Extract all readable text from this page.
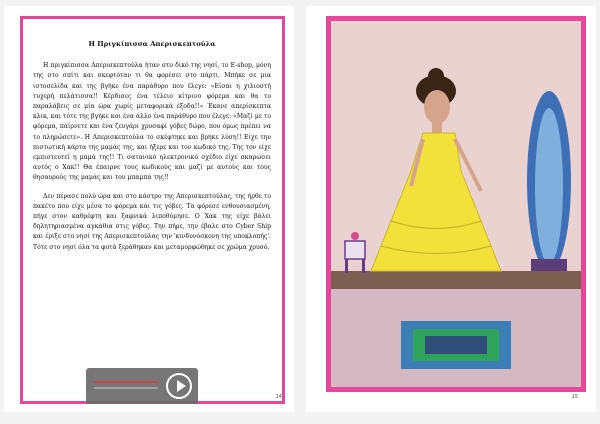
Η Πριγκίπισσα Απερισκεπτούλα

Η πριγκίπισσα Απερισκεπτούλα ήταν στο δικό της νησί, το E-shop, μόνη της στο σπίτι και σκεφτόταν τι θα φορέσει στο πάρτι. Μπήκε σε μια ιστοσελίδα και της βγήκε ένα παράθυρο που έλεγε: «Είσαι η χιλιοστή τυχερή πελάτισσα!! Κέρδισες ένα τέλειο κίτρινο φόρεμα και θα το παραλάβεις σε μία ώρα χωρίς μεταφορικά έξοδα!!» Έκανε απερίσκεπτα κλικ, και τότε της βγήκε και ένα άλλο ένα παράθυρο που έλεγε: «Μαζί με το φόρεμα, παίρνετε και ένα ζευγάρι χρυσαφί γόβες δώρο, που όμως πρέπει να το πληρώσετε». Η Απερισκεπτούλα το σκέφτηκε και βρήκε λύση!! Είχε την πιστωτική κάρτα της μαμάς της, και ήξερε και τον κωδικό της. Της τον είχε εμπιστευτεί η μαμά της!! Τι σατανικό ηλεκτρονικό σχέδιο είχε σκαρώσει αυτός ο Χακ!! Θα έπαιρνε τους κωδικούς και μαζί με αυτούς και τους θησαυρούς της μαμάς και του μπαμπά της!!

Δεν πέρασε πολύ ώρα και στο κάστρο της Απερισκεπτούλας, της ήρθε το πακέτο που είχε μέσα το φόρεμα και τις γόβες. Τα φόρεσε ενθουσιασμένη, πήγε στον καθρέφτη και ξαφνικά λιποθύμησε. Ο Χακ της είχε βάλει δηλητηριασμένα αγκάθια στις γόβες. Την πήρε, την έβαλε στο Cyber Ship και έριξε στο νησί της Απερισκεπτούλας την 'κινδυνόσκονη της υποκλοπής'. Τότε στο νησί όλα τα φυτά ξεράθηκαν και μεταμορφώθηκε σε χρώμα χρυσό.

14	15
